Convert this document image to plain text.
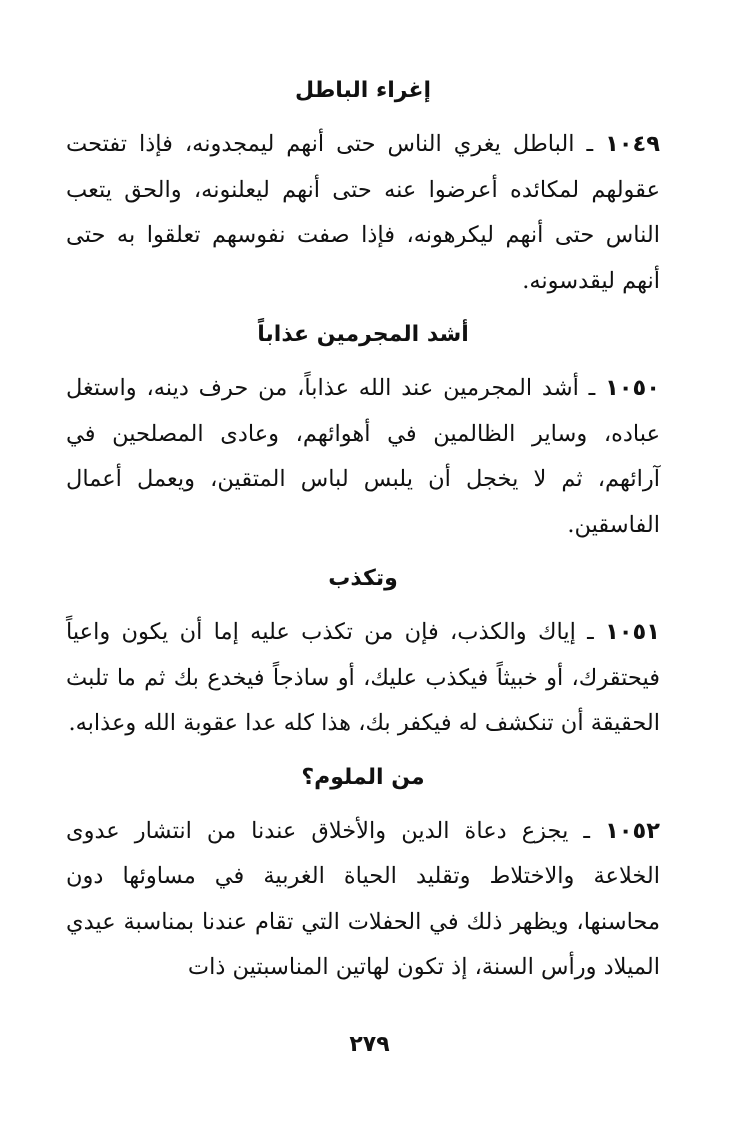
إغراء الباطل

١٠٤٩ ـ الباطل يغري الناس حتى أنهم ليمجدونه، فإذا تفتحت عقولهم لمكائده أعرضوا عنه حتى أنهم ليعلنونه، والحق يتعب الناس حتى أنهم ليكرهونه، فإذا صفت نفوسهم تعلقوا به حتى أنهم ليقدسونه.

أشد المجرمين عذاباً

١٠٥٠ ـ أشد المجرمين عند الله عذاباً، من حرف دينه، واستغل عباده، وساير الظالمين في أهوائهم، وعادى المصلحين في آرائهم، ثم لا يخجل أن يلبس لباس المتقين، ويعمل أعمال الفاسقين.

وتكذب

١٠٥١ ـ إياك والكذب، فإن من تكذب عليه إما أن يكون واعياً فيحتقرك، أو خبيثاً فيكذب عليك، أو ساذجاً فيخدع بك ثم ما تلبث الحقيقة أن تنكشف له فيكفر بك، هذا كله عدا عقوبة الله وعذابه.

من الملوم؟

١٠٥٢ ـ يجزع دعاة الدين والأخلاق عندنا من انتشار عدوى الخلاعة والاختلاط وتقليد الحياة الغربية في مساوئها دون محاسنها، ويظهر ذلك في الحفلات التي تقام عندنا بمناسبة عيدي الميلاد ورأس السنة، إذ تكون لهاتين المناسبتين ذات

٢٧٩
